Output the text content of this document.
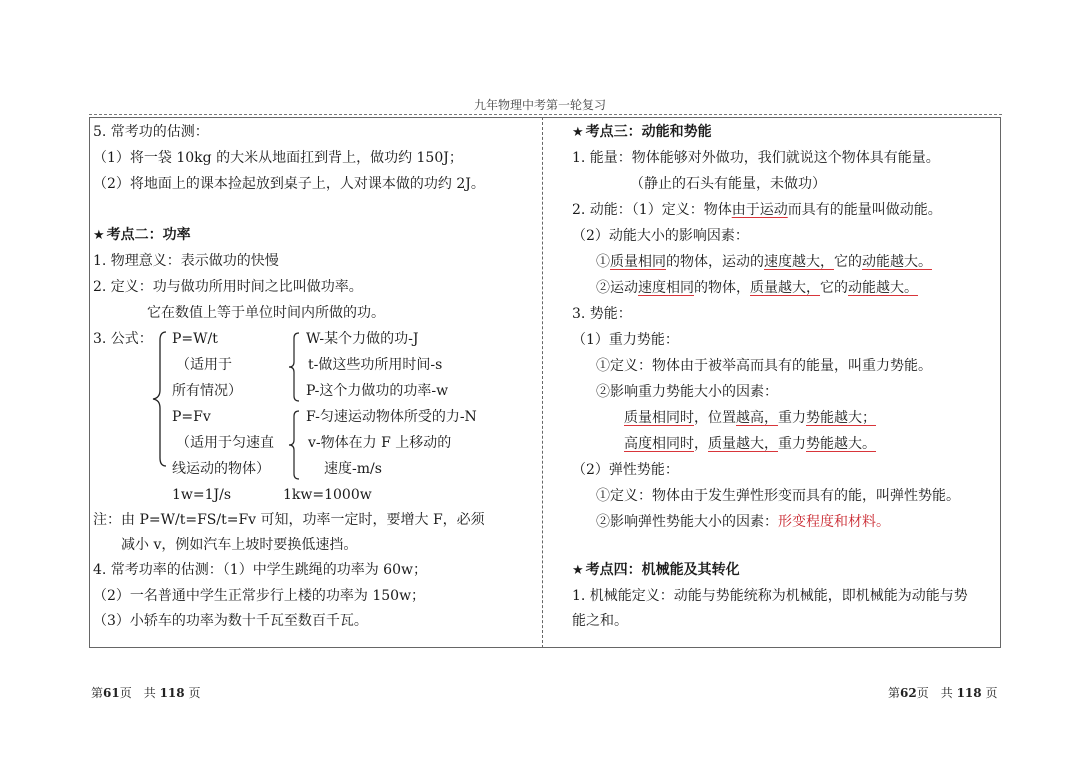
九年物理中考第一轮复习
5. 常考功的估测：
（1）将一袋 10kg 的大米从地面扛到背上，做功约 150J；
（2）将地面上的课本捡起放到桌子上，人对课本做的功约 2J。
★ 考点二：功率
1. 物理意义：表示做功的快慢
2. 定义：功与做功所用时间之比叫做功率。
它在数值上等于单位时间内所做的功。
3. 公式： P=W/t
（适用于
所有情况）
W-某个力做的功-J
t-做这些功所用时间-s
P-这个力做功的功率-w
P=Fv
（适用于匀速直
线运动的物体）
F-匀速运动物体所受的力-N
v-物体在力 F 上移动的
速度-m/s
1w=1J/s	1kw=1000w
注：由 P=W/t=FS/t=Fv 可知，功率一定时，要增大 F，必须
减小 v，例如汽车上坡时要换低速挡。
4. 常考功率的估测：（1）中学生跳绳的功率为 60w；
（2）一名普通中学生正常步行上楼的功率为 150w；
（3）小轿车的功率为数十千瓦至数百千瓦。
★ 考点三：动能和势能
1. 能量：物体能够对外做功，我们就说这个物体具有能量。
（静止的石头有能量，未做功）
2. 动能：（1）定义：物体由于运动而具有的能量叫做动能。
（2）动能大小的影响因素：
①质量相同的物体，运动的速度越大，它的动能越大。
②运动速度相同的物体，质量越大，它的动能越大。
3. 势能：
（1）重力势能：
①定义：物体由于被举高而具有的能量，叫重力势能。
②影响重力势能大小的因素：
质量相同时，位置越高，重力势能越大；
高度相同时，质量越大，重力势能越大。
（2）弹性势能：
①定义：物体由于发生弹性形变而具有的能，叫弹性势能。
②影响弹性势能大小的因素：形变程度和材料。
★ 考点四：机械能及其转化
1. 机械能定义：动能与势能统称为机械能，即机械能为动能与势
能之和。
第61页　共 118 页	第62页　共 118 页
